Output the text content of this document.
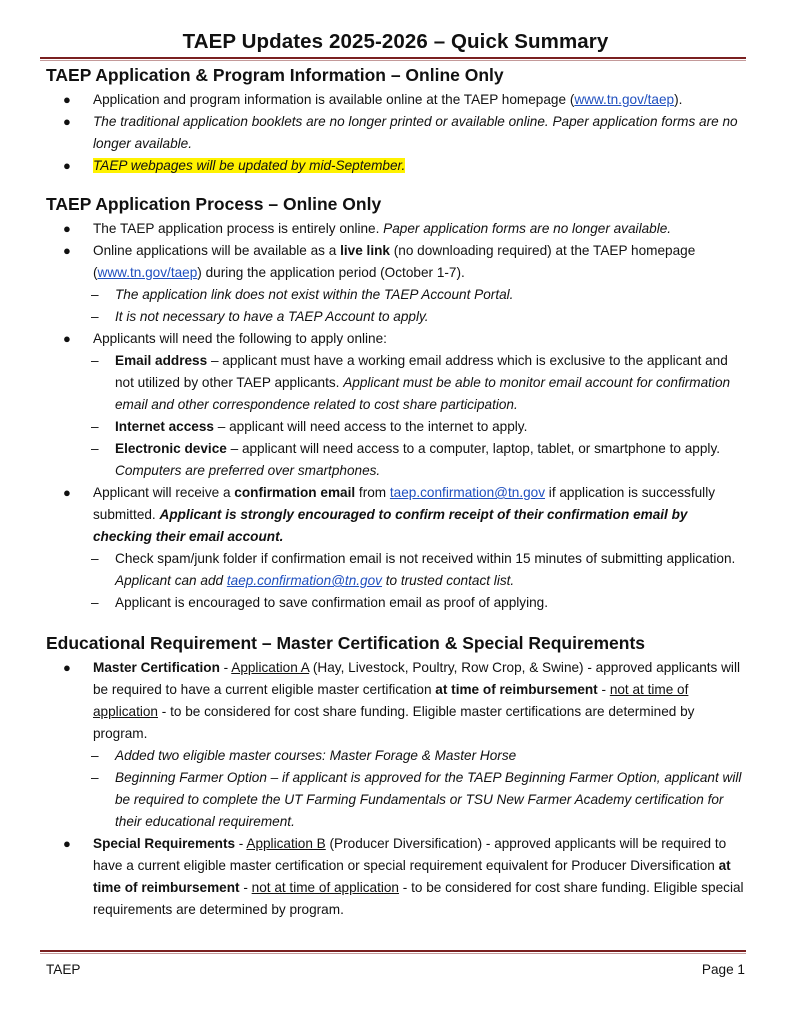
TAEP Updates 2025-2026 – Quick Summary
TAEP Application & Program Information – Online Only
● Application and program information is available online at the TAEP homepage (www.tn.gov/taep).
● The traditional application booklets are no longer printed or available online. Paper application forms are no longer available.
● TAEP webpages will be updated by mid-September.
TAEP Application Process – Online Only
● The TAEP application process is entirely online. Paper application forms are no longer available.
● Online applications will be available as a live link (no downloading required) at the TAEP homepage (www.tn.gov/taep) during the application period (October 1-7).
– The application link does not exist within the TAEP Account Portal.
– It is not necessary to have a TAEP Account to apply.
● Applicants will need the following to apply online:
– Email address – applicant must have a working email address which is exclusive to the applicant and not utilized by other TAEP applicants. Applicant must be able to monitor email account for confirmation email and other correspondence related to cost share participation.
– Internet access – applicant will need access to the internet to apply.
– Electronic device – applicant will need access to a computer, laptop, tablet, or smartphone to apply. Computers are preferred over smartphones.
● Applicant will receive a confirmation email from taep.confirmation@tn.gov if application is successfully submitted. Applicant is strongly encouraged to confirm receipt of their confirmation email by checking their email account.
– Check spam/junk folder if confirmation email is not received within 15 minutes of submitting application. Applicant can add taep.confirmation@tn.gov to trusted contact list.
– Applicant is encouraged to save confirmation email as proof of applying.
Educational Requirement – Master Certification & Special Requirements
● Master Certification - Application A (Hay, Livestock, Poultry, Row Crop, & Swine) - approved applicants will be required to have a current eligible master certification at time of reimbursement - not at time of application - to be considered for cost share funding. Eligible master certifications are determined by program.
– Added two eligible master courses: Master Forage & Master Horse
– Beginning Farmer Option – if applicant is approved for the TAEP Beginning Farmer Option, applicant will be required to complete the UT Farming Fundamentals or TSU New Farmer Academy certification for their educational requirement.
● Special Requirements - Application B (Producer Diversification) - approved applicants will be required to have a current eligible master certification or special requirement equivalent for Producer Diversification at time of reimbursement - not at time of application - to be considered for cost share funding. Eligible special requirements are determined by program.
TAEP	Page 1
